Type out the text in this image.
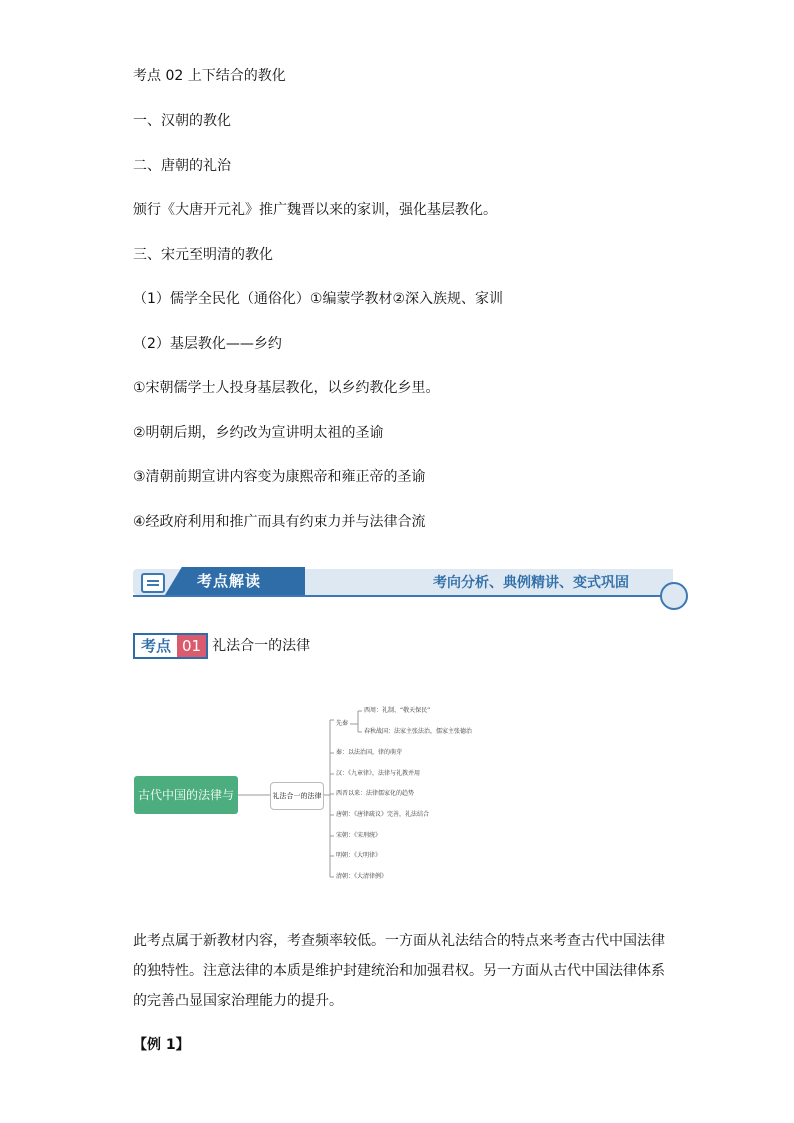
考点 02 上下结合的教化
一、汉朝的教化
二、唐朝的礼治
颁行《大唐开元礼》推广魏晋以来的家训，强化基层教化。
三、宋元至明清的教化
（1）儒学全民化（通俗化）①编蒙学教材②深入族规、家训
（2）基层教化——乡约
①宋朝儒学士人投身基层教化，以乡约教化乡里。
②明朝后期，乡约改为宣讲明太祖的圣谕
③清朝前期宣讲内容变为康熙帝和雍正帝的圣谕
④经政府利用和推广而具有约束力并与法律合流
考点解读	考向分析、典例精讲、变式巩固
考点 01 礼法合一的法律
古代中国的法律与教化
礼法合一的法律
先秦
西周：礼制、“敬天保民”
春秋战国：法家主张法治，儒家主张德治
秦：以法治国，律的萌芽
汉：《九章律》，法律与礼教并用
西晋以来：法律儒家化的趋势
唐朝：《唐律疏议》完善，礼法结合
宋朝：《宋刑统》
明朝：《大明律》
清朝：《大清律例》
此考点属于新教材内容，考查频率较低。一方面从礼法结合的特点来考查古代中国法律
的独特性。注意法律的本质是维护封建统治和加强君权。另一方面从古代中国法律体系
的完善凸显国家治理能力的提升。
【例 1】
